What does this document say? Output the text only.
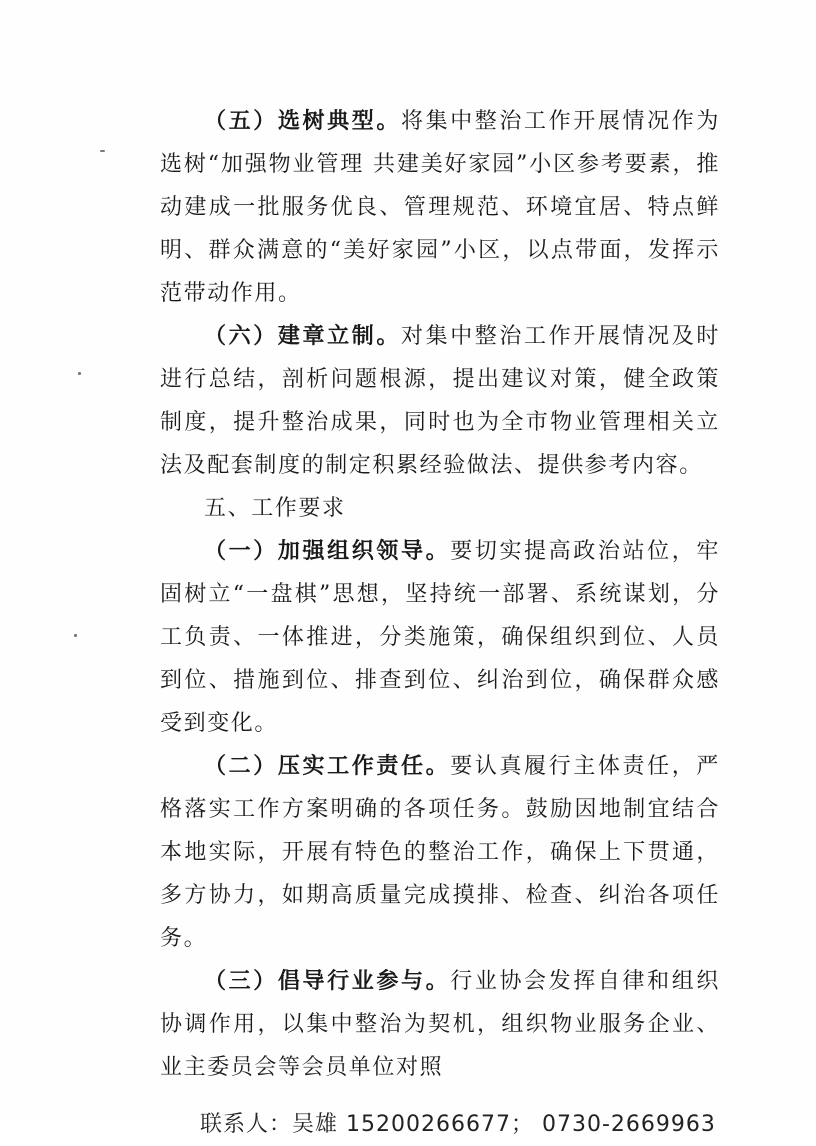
（五）选树典型。将集中整治工作开展情况作为选树“加强物业管理 共建美好家园”小区参考要素，推动建成一批服务优良、管理规范、环境宜居、特点鲜明、群众满意的“美好家园”小区，以点带面，发挥示范带动作用。

（六）建章立制。对集中整治工作开展情况及时进行总结，剖析问题根源，提出建议对策，健全政策制度，提升整治成果，同时也为全市物业管理相关立法及配套制度的制定积累经验做法、提供参考内容。

五、工作要求

（一）加强组织领导。要切实提高政治站位，牢固树立“一盘棋”思想，坚持统一部署、系统谋划，分工负责、一体推进，分类施策，确保组织到位、人员到位、措施到位、排查到位、纠治到位，确保群众感受到变化。

（二）压实工作责任。要认真履行主体责任，严格落实工作方案明确的各项任务。鼓励因地制宜结合本地实际，开展有特色的整治工作，确保上下贯通，多方协力，如期高质量完成摸排、检查、纠治各项任务。

（三）倡导行业参与。行业协会发挥自律和组织协调作用，以集中整治为契机，组织物业服务企业、业主委员会等会员单位对照

联系人：吴雄 15200266677； 0730-2669963
